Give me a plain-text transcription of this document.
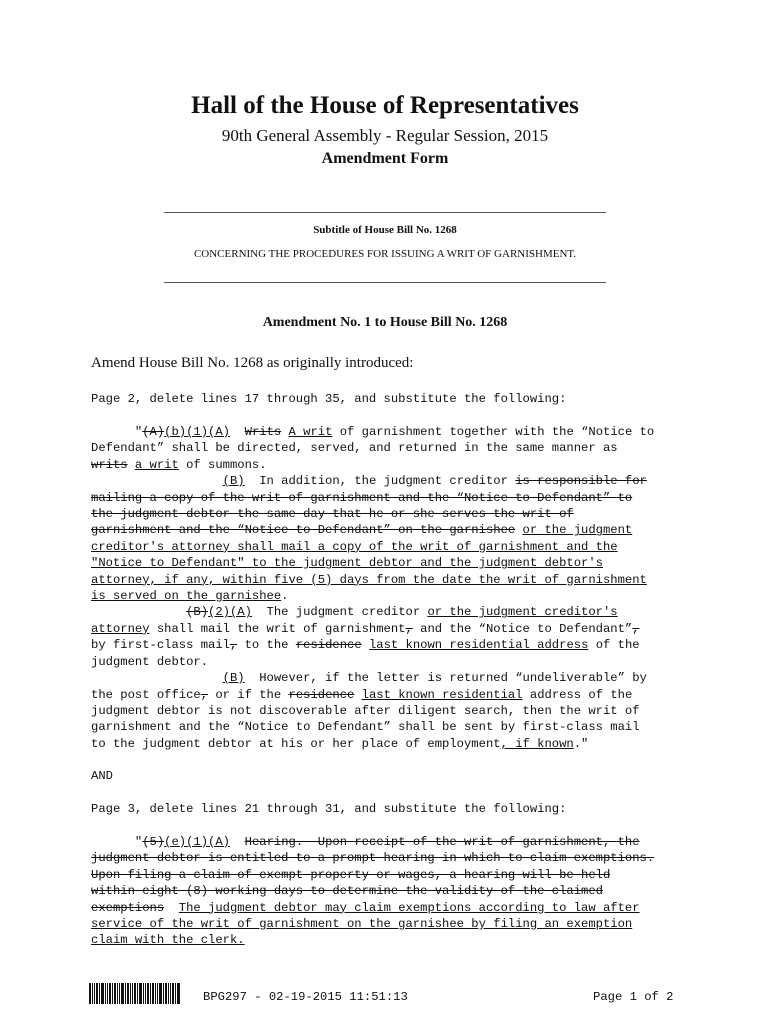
Hall of the House of Representatives
90th General Assembly - Regular Session, 2015
Amendment Form
Subtitle of House Bill No. 1268
CONCERNING THE PROCEDURES FOR ISSUING A WRIT OF GARNISHMENT.
Amendment No. 1 to House Bill No. 1268
Amend House Bill No. 1268 as originally introduced:
Page 2, delete lines 17 through 35, and substitute the following:
"(A)(b)(1)(A) Writs A writ of garnishment together with the “Notice to
Defendant” shall be directed, served, and returned in the same manner as
writs a writ of summons.
(B)  In addition, the judgment creditor is responsible for
mailing a copy of the writ of garnishment and the “Notice to Defendant” to
the judgment debtor the same day that he or she serves the writ of
garnishment and the “Notice to Defendant” on the garnishee or the judgment
creditor's attorney shall mail a copy of the writ of garnishment and the
"Notice to Defendant" to the judgment debtor and the judgment debtor's
attorney, if any, within five (5) days from the date the writ of garnishment
is served on the garnishee.
(B)(2)(A)  The judgment creditor or the judgment creditor's
attorney shall mail the writ of garnishment, and the “Notice to Defendant”,
by first-class mail, to the residence last known residential address of the
judgment debtor.
(B)  However, if the letter is returned “undeliverable” by
the post office, or if the residence last known residential address of the
judgment debtor is not discoverable after diligent search, then the writ of
garnishment and the “Notice to Defendant” shall be sent by first-class mail
to the judgment debtor at his or her place of employment, if known."
AND
Page 3, delete lines 21 through 31, and substitute the following:
"(5)(e)(1)(A) Hearing.  Upon receipt of the writ of garnishment, the
judgment debtor is entitled to a prompt hearing in which to claim exemptions.
Upon filing a claim of exempt property or wages, a hearing will be held
within eight (8) working days to determine the validity of the claimed
exemptions The judgment debtor may claim exemptions according to law after
service of the writ of garnishment on the garnishee by filing an exemption
claim with the clerk.
BPG297 - 02-19-2015 11:51:13	Page 1 of 2
